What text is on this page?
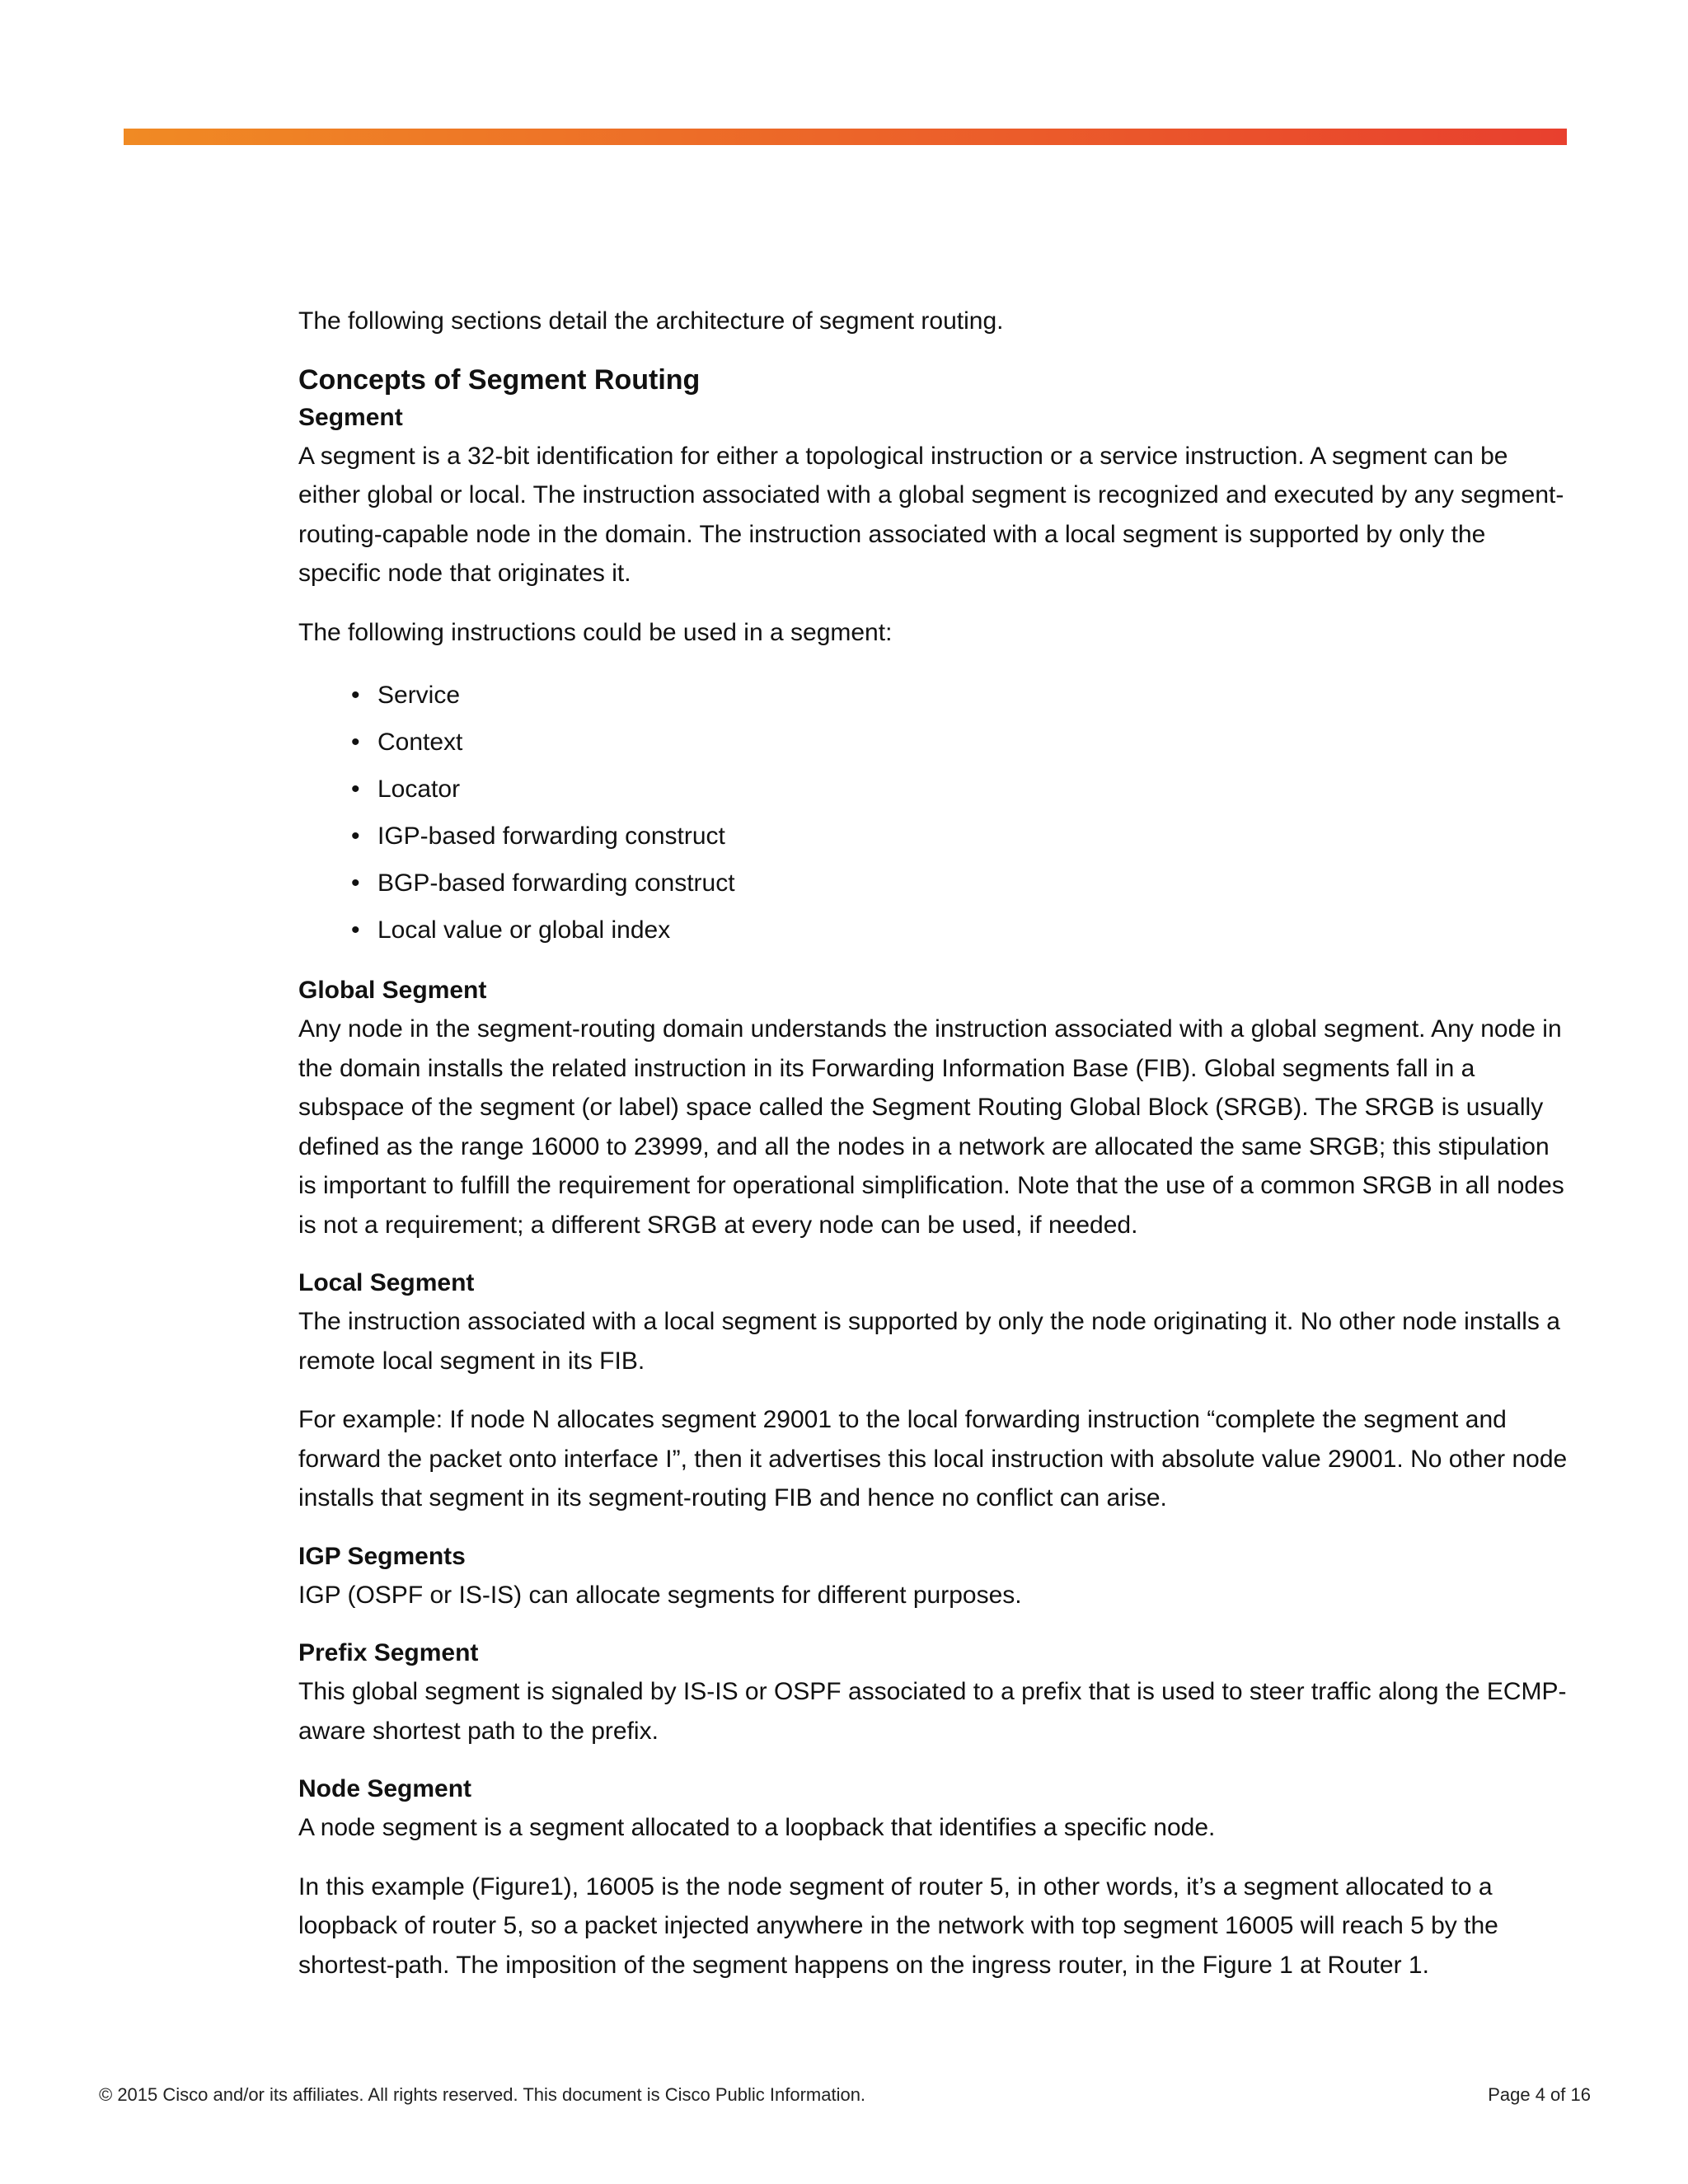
The following sections detail the architecture of segment routing.

Concepts of Segment Routing
Segment

A segment is a 32-bit identification for either a topological instruction or a service instruction. A segment can be either global or local. The instruction associated with a global segment is recognized and executed by any segment-routing-capable node in the domain. The instruction associated with a local segment is supported by only the specific node that originates it.

The following instructions could be used in a segment:

• Service
• Context
• Locator
• IGP-based forwarding construct
• BGP-based forwarding construct
• Local value or global index
Global Segment

Any node in the segment-routing domain understands the instruction associated with a global segment. Any node in the domain installs the related instruction in its Forwarding Information Base (FIB). Global segments fall in a subspace of the segment (or label) space called the Segment Routing Global Block (SRGB). The SRGB is usually defined as the range 16000 to 23999, and all the nodes in a network are allocated the same SRGB; this stipulation is important to fulfill the requirement for operational simplification. Note that the use of a common SRGB in all nodes is not a requirement; a different SRGB at every node can be used, if needed.

Local Segment

The instruction associated with a local segment is supported by only the node originating it. No other node installs a remote local segment in its FIB.

For example: If node N allocates segment 29001 to the local forwarding instruction “complete the segment and forward the packet onto interface I”, then it advertises this local instruction with absolute value 29001. No other node installs that segment in its segment-routing FIB and hence no conflict can arise.

IGP Segments

IGP (OSPF or IS-IS) can allocate segments for different purposes.

Prefix Segment

This global segment is signaled by IS-IS or OSPF associated to a prefix that is used to steer traffic along the ECMP-aware shortest path to the prefix.

Node Segment

A node segment is a segment allocated to a loopback that identifies a specific node.

In this example (Figure1), 16005 is the node segment of router 5, in other words, it’s a segment allocated to a loopback of router 5, so a packet injected anywhere in the network with top segment 16005 will reach 5 by the shortest-path. The imposition of the segment happens on the ingress router, in the Figure 1 at Router 1.

© 2015 Cisco and/or its affiliates. All rights reserved. This document is Cisco Public Information.	Page 4 of 16
